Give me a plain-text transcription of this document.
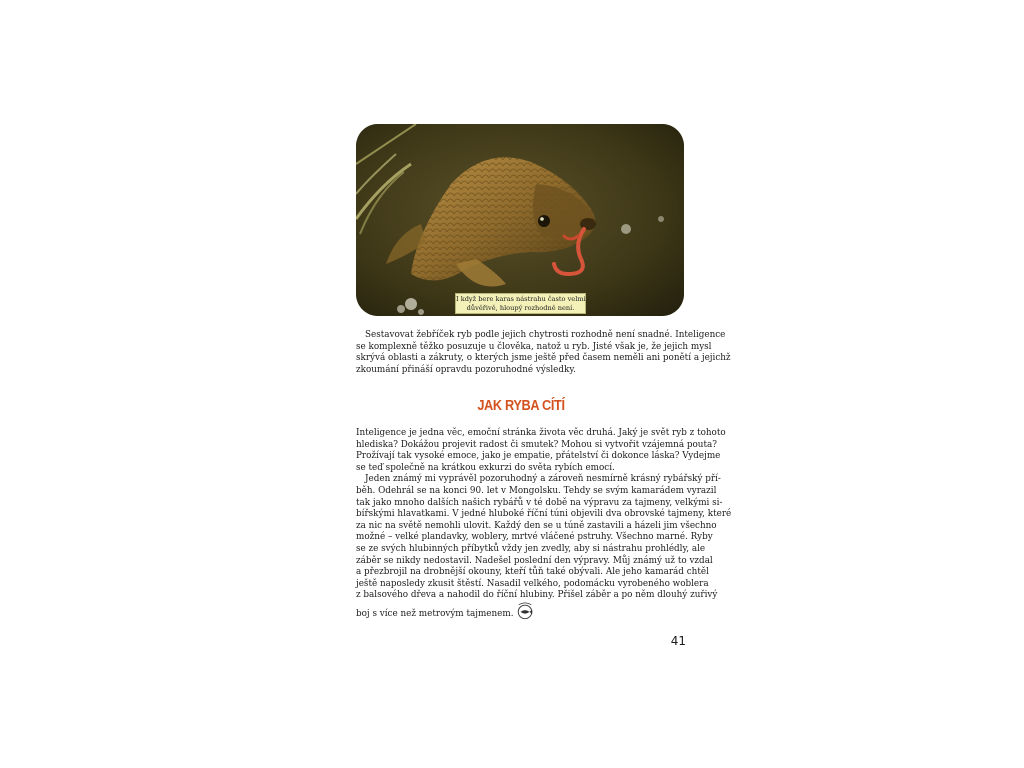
I když bere karas nástrahu často velmi
důvěřivě, hloupý rozhodně není.
Sestavovat žebříček ryb podle jejich chytrosti rozhodně není snadné. Inteligence
se komplexně těžko posuzuje u člověka, natož u ryb. Jisté však je, že jejich mysl
skrývá oblasti a zákruty, o kterých jsme ještě před časem neměli ani ponětí a jejichž
zkoumání přináší opravdu pozoruhodné výsledky.
JAK RYBA CÍTÍ
Inteligence je jedna věc, emoční stránka života věc druhá. Jaký je svět ryb z tohoto
hlediska? Dokážou projevit radost či smutek? Mohou si vytvořit vzájemná pouta?
Prožívají tak vysoké emoce, jako je empatie, přátelství či dokonce láska? Vydejme
se teď společně na krátkou exkurzi do světa rybích emocí.
Jeden známý mi vyprávěl pozoruhodný a zároveň nesmírně krásný rybářský pří-
běh. Odehrál se na konci 90. let v Mongolsku. Tehdy se svým kamarádem vyrazil
tak jako mnoho dalších našich rybářů v té době na výpravu za tajmeny, velkými si-
bířskými hlavatkami. V jedné hluboké říční túni objevili dva obrovské tajmeny, které
za nic na světě nemohli ulovit. Každý den se u túně zastavili a házeli jim všechno
možné – velké plandavky, woblery, mrtvé vláčené pstruhy. Všechno marné. Ryby
se ze svých hlubinných příbytků vždy jen zvedly, aby si nástrahu prohlédly, ale
záběr se nikdy nedostavil. Nadešel poslední den výpravy. Můj známý už to vzdal
a přezbrojil na drobnější okouny, kteří tůň také obývali. Ale jeho kamarád chtěl
ještě naposledy zkusit štěstí. Nasadil velkého, podomácku vyrobeného woblera
z balsového dřeva a nahodil do říční hlubiny. Přišel záběr a po něm dlouhý zuřivý
boj s více než metrovým tajmenem.
41
